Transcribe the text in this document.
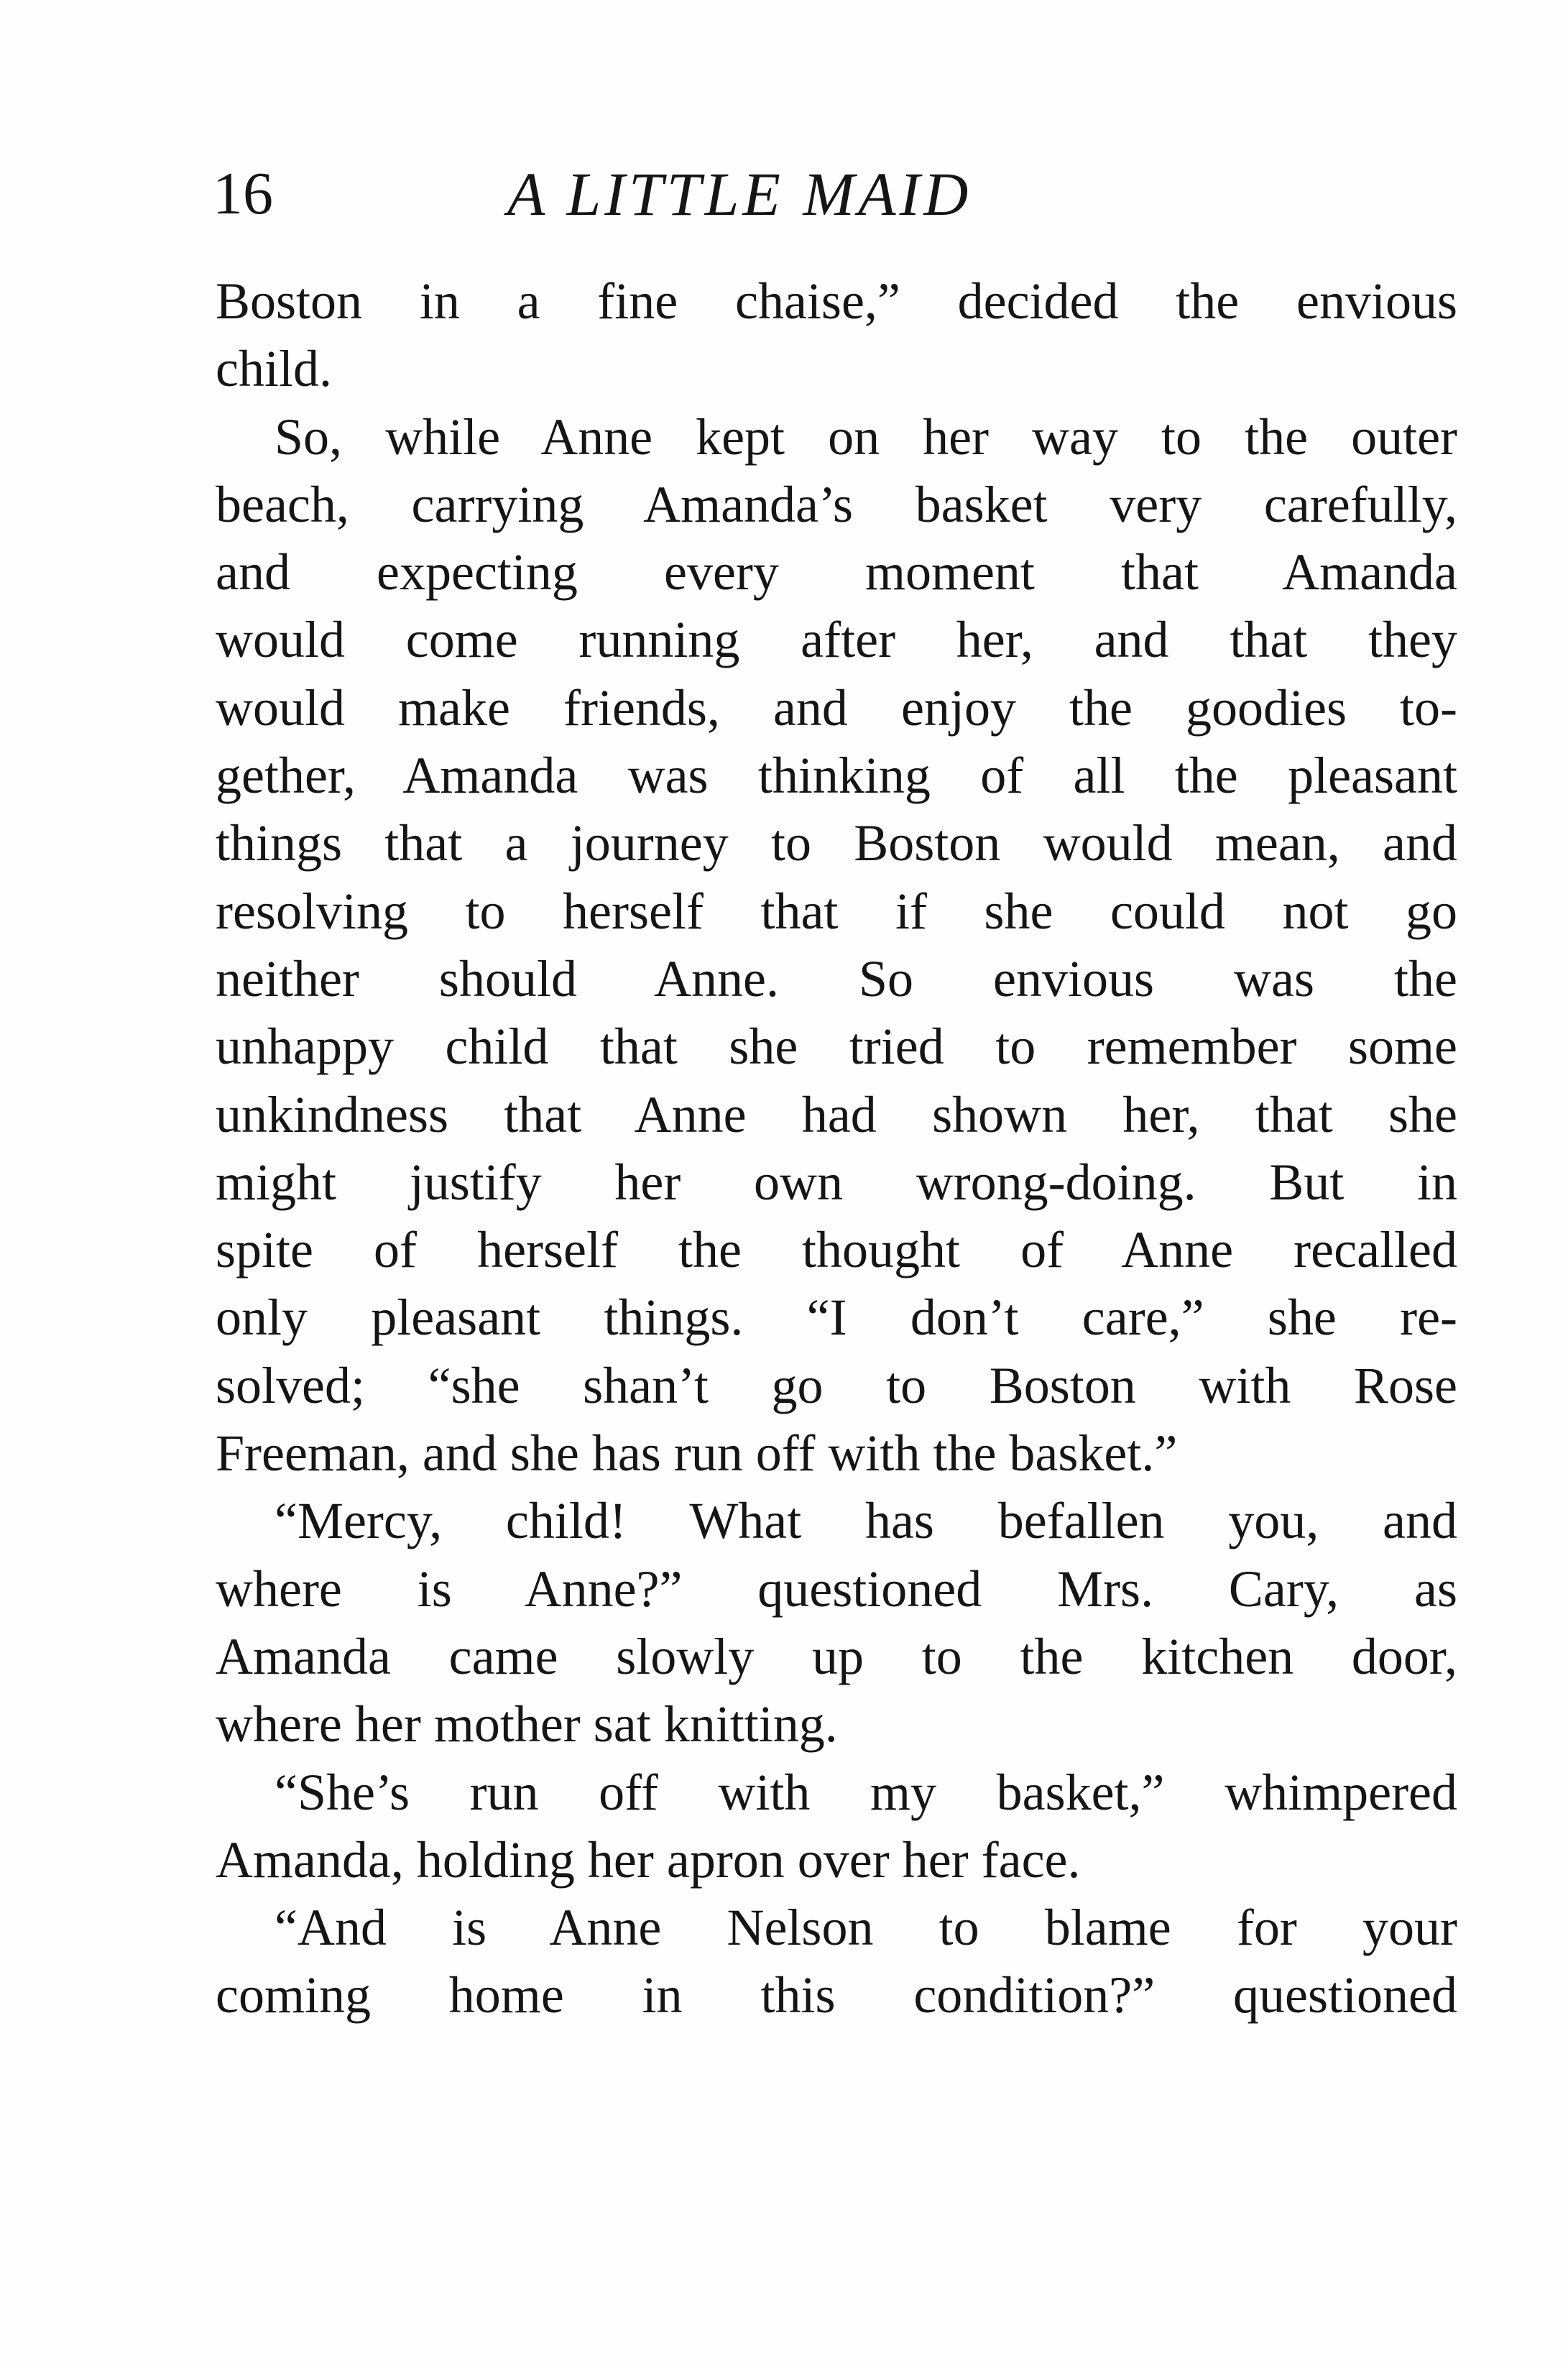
16	A LITTLE MAID
Boston in a fine chaise,” decided the envious
child.
So, while Anne kept on her way to the outer
beach, carrying Amanda’s basket very carefully,
and expecting every moment that Amanda
would come running after her, and that they
would make friends, and enjoy the goodies to-
gether, Amanda was thinking of all the pleasant
things that a journey to Boston would mean, and
resolving to herself that if she could not go
neither should Anne. So envious was the
unhappy child that she tried to remember some
unkindness that Anne had shown her, that she
might justify her own wrong-doing. But in
spite of herself the thought of Anne recalled
only pleasant things. “I don’t care,” she re-
solved; “she shan’t go to Boston with Rose
Freeman, and she has run off with the basket.”
“Mercy, child! What has befallen you, and
where is Anne?” questioned Mrs. Cary, as
Amanda came slowly up to the kitchen door,
where her mother sat knitting.
“She’s run off with my basket,” whimpered
Amanda, holding her apron over her face.
“And is Anne Nelson to blame for your
coming home in this condition?” questioned
